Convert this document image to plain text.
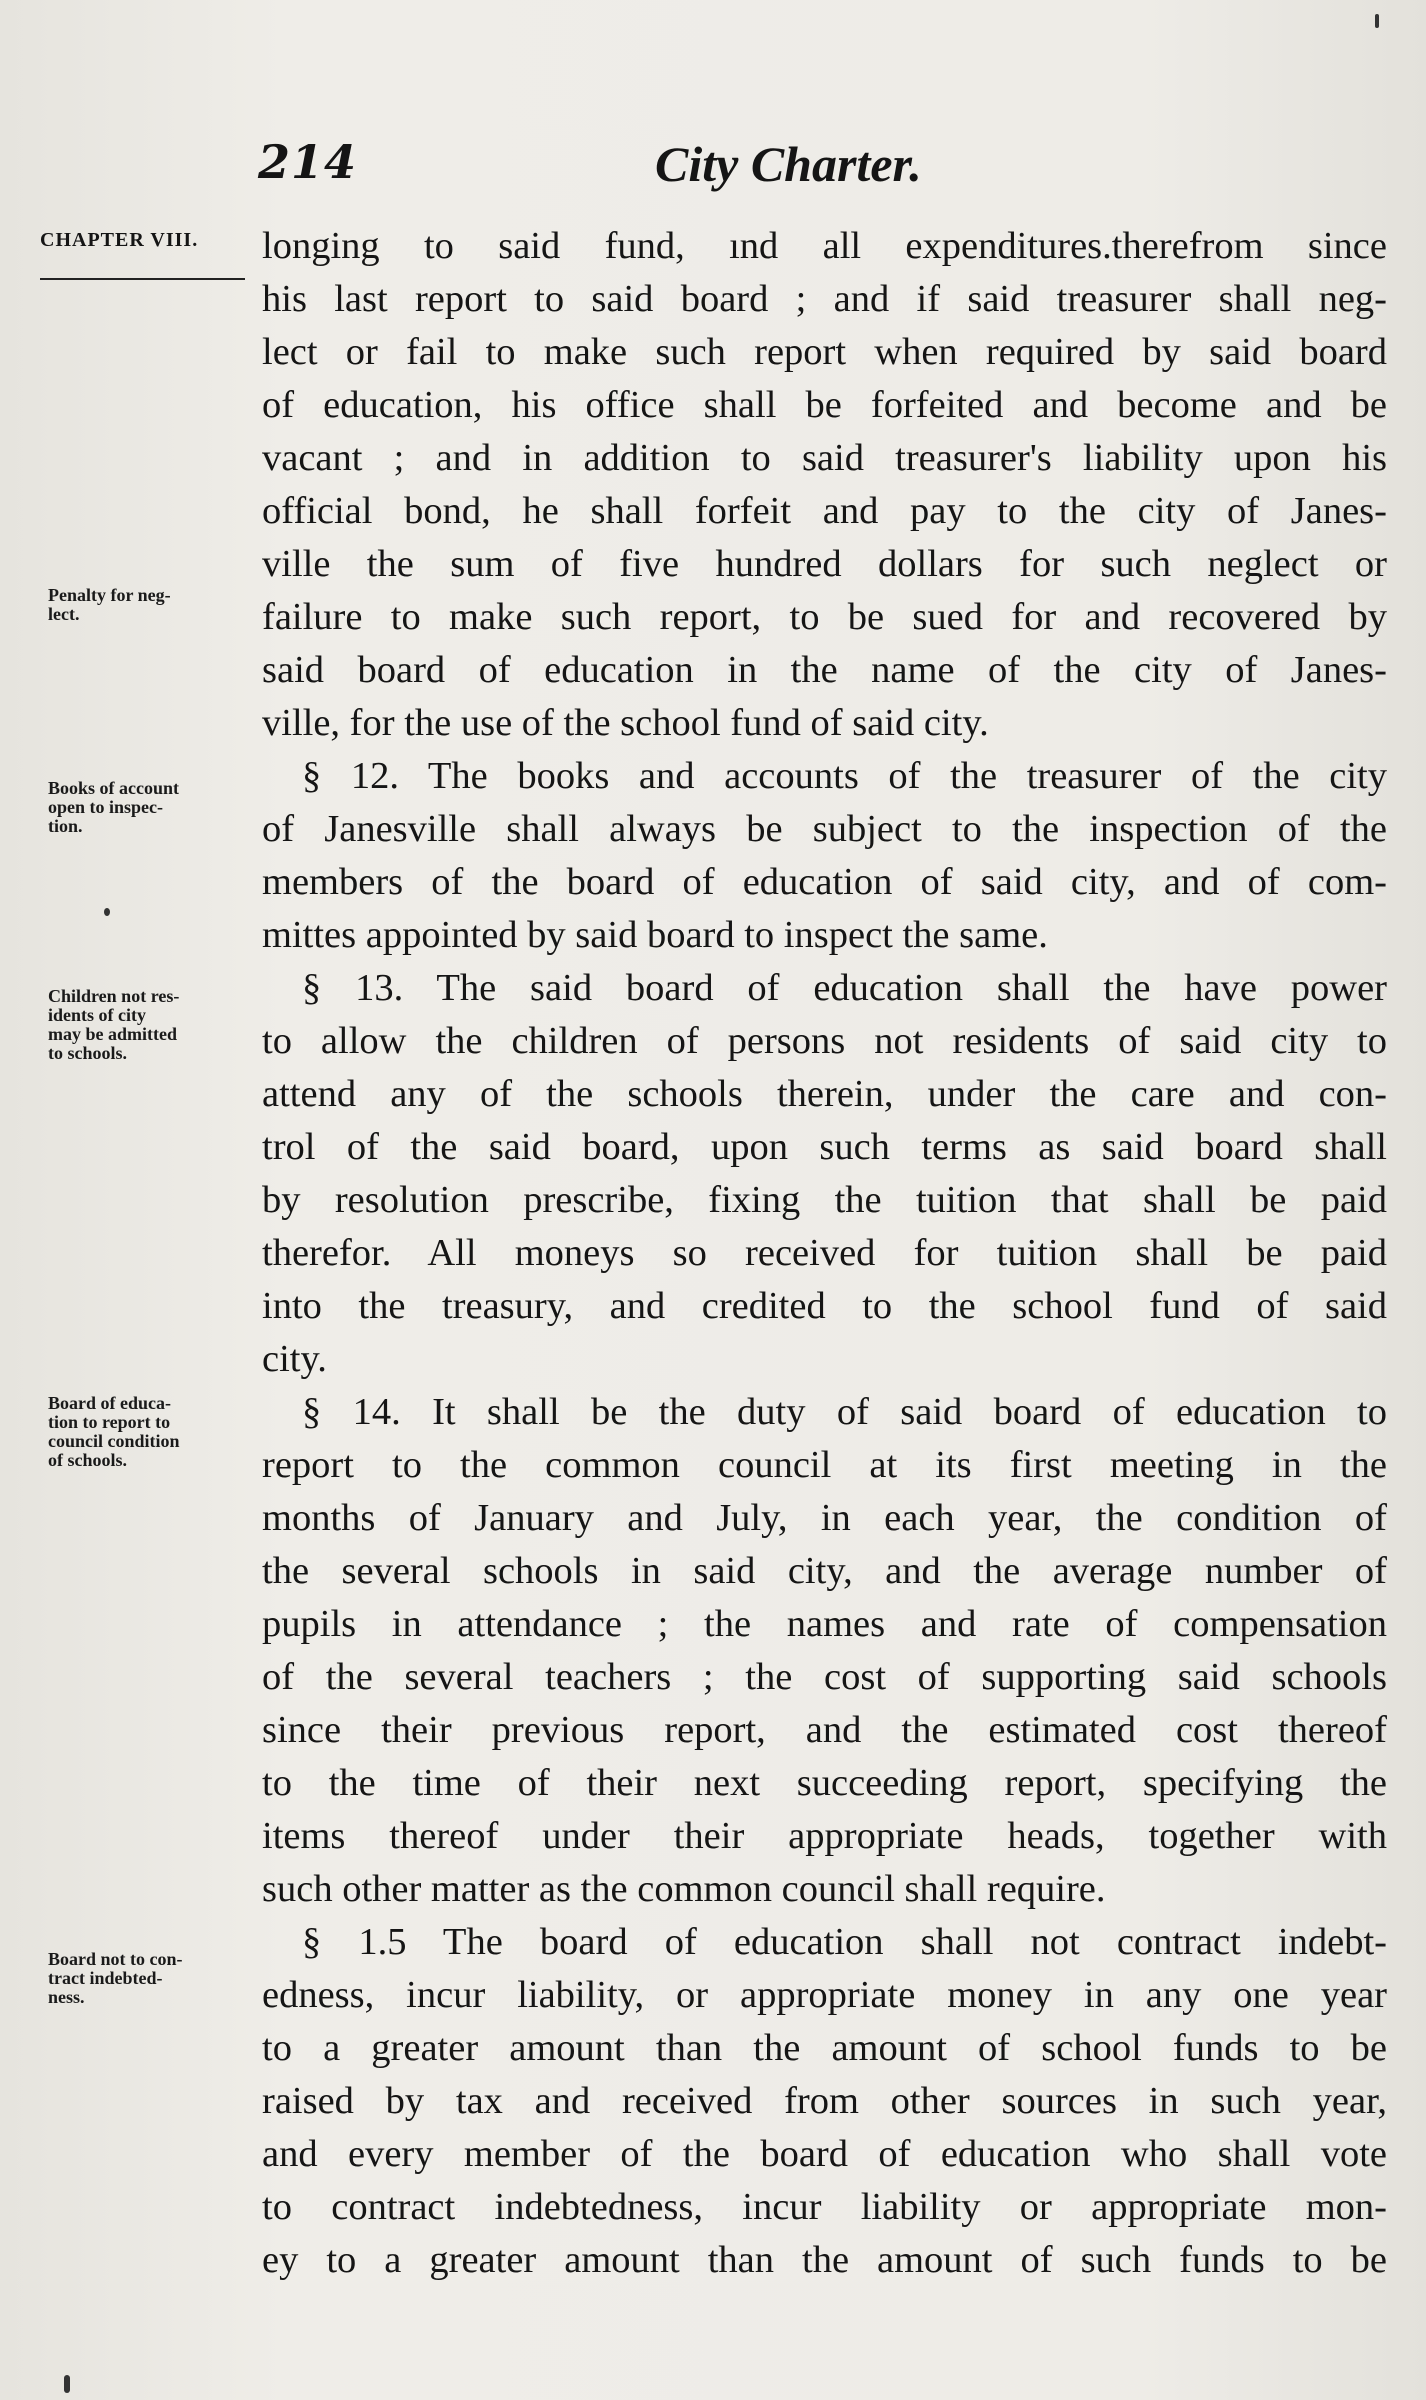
214	City Charter.
CHAPTER VIII.
Penalty for neg-
lect.
Books of account
open to inspec-
tion.
Children not res-
idents of city
may be admitted
to schools.
Board of educa-
tion to report to
council condition
of schools.
Board not to con-
tract indebted-
ness.
longing to said fund, ınd all expenditures.therefrom since
his last report to said board ; and if said treasurer shall neg-
lect or fail to make such report when required by said board
of education, his office shall be forfeited and become and be
vacant ; and in addition to said treasurer's liability upon his
official bond, he shall forfeit and pay to the city of Janes-
ville the sum of five hundred dollars for such neglect or
failure to make such report, to be sued for and recovered by
said board of education in the name of the city of Janes-
ville, for the use of the school fund of said city.
§ 12. The books and accounts of the treasurer of the city
of Janesville shall always be subject to the inspection of the
members of the board of education of said city, and of com-
mittes appointed by said board to inspect the same.
§ 13. The said board of education shall the have power
to allow the children of persons not residents of said city to
attend any of the schools therein, under the care and con-
trol of the said board, upon such terms as said board shall
by resolution prescribe, fixing the tuition that shall be paid
therefor. All moneys so received for tuition shall be paid
into the treasury, and credited to the school fund of said
city.
§ 14. It shall be the duty of said board of education to
report to the common council at its first meeting in the
months of January and July, in each year, the condition of
the several schools in said city, and the average number of
pupils in attendance ; the names and rate of compensation
of the several teachers ; the cost of supporting said schools
since their previous report, and the estimated cost thereof
to the time of their next succeeding report, specifying the
items thereof under their appropriate heads, together with
such other matter as the common council shall require.
§ 1.5 The board of education shall not contract indebt-
edness, incur liability, or appropriate money in any one year
to a greater amount than the amount of school funds to be
raised by tax and received from other sources in such year,
and every member of the board of education who shall vote
to contract indebtedness, incur liability or appropriate mon-
ey to a greater amount than the amount of such funds to be
